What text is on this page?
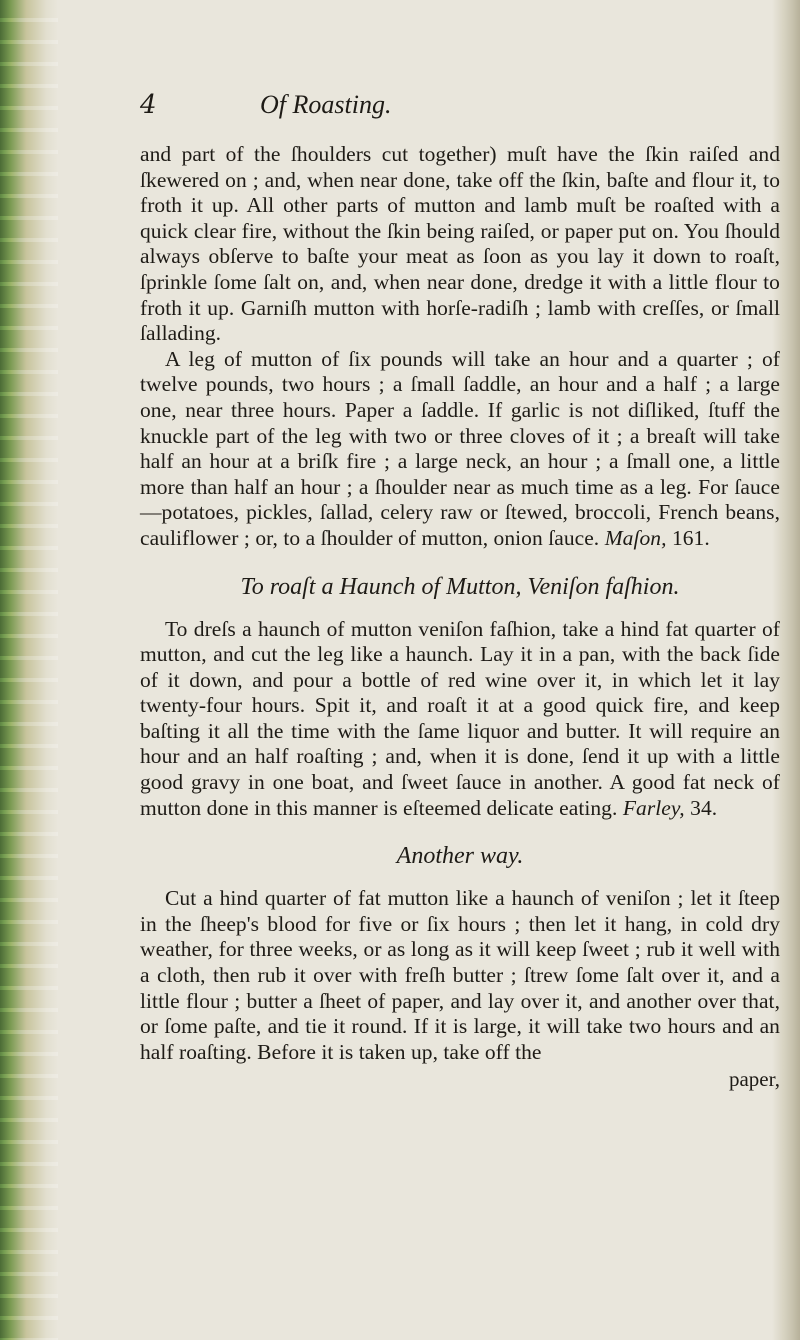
4	Of Roasting.

and part of the ſhoulders cut together) muſt have the ſkin raiſed and ſkewered on ; and, when near done, take off the ſkin, baſte and flour it, to froth it up. All other parts of mutton and lamb muſt be roaſted with a quick clear fire, without the ſkin being raiſed, or paper put on. You ſhould always obſerve to baſte your meat as ſoon as you lay it down to roaſt, ſprinkle ſome ſalt on, and, when near done, dredge it with a little flour to froth it up. Garniſh mutton with horſe-radiſh ; lamb with creſſes, or ſmall ſallading.

A leg of mutton of ſix pounds will take an hour and a quarter ; of twelve pounds, two hours ; a ſmall ſaddle, an hour and a half ; a large one, near three hours. Paper a ſaddle. If garlic is not diſliked, ſtuff the knuckle part of the leg with two or three cloves of it ; a breaſt will take half an hour at a briſk fire ; a large neck, an hour ; a ſmall one, a little more than half an hour ; a ſhoulder near as much time as a leg. For ſauce—potatoes, pickles, ſallad, celery raw or ſtewed, broccoli, French beans, cauliflower ; or, to a ſhoulder of mutton, onion ſauce. Maſon, 161.

To roaſt a Haunch of Mutton, Veniſon faſhion.

To dreſs a haunch of mutton veniſon faſhion, take a hind fat quarter of mutton, and cut the leg like a haunch. Lay it in a pan, with the back ſide of it down, and pour a bottle of red wine over it, in which let it lay twenty-four hours. Spit it, and roaſt it at a good quick fire, and keep baſting it all the time with the ſame liquor and butter. It will require an hour and an half roaſting ; and, when it is done, ſend it up with a little good gravy in one boat, and ſweet ſauce in another. A good fat neck of mutton done in this manner is eſteemed delicate eating. Farley, 34.

Another way.

Cut a hind quarter of fat mutton like a haunch of veniſon ; let it ſteep in the ſheep's blood for five or ſix hours ; then let it hang, in cold dry weather, for three weeks, or as long as it will keep ſweet ; rub it well with a cloth, then rub it over with freſh butter ; ſtrew ſome ſalt over it, and a little flour ; butter a ſheet of paper, and lay over it, and another over that, or ſome paſte, and tie it round. If it is large, it will take two hours and an half roaſting. Before it is taken up, take off the

paper,
